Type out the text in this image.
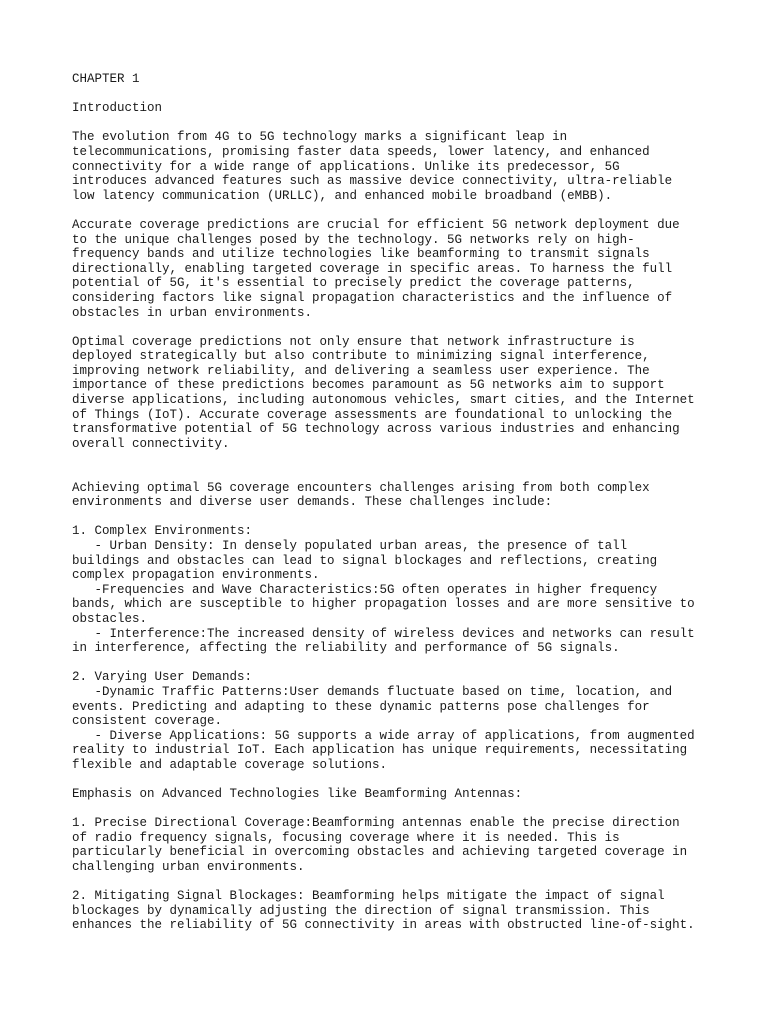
CHAPTER 1
Introduction
The evolution from 4G to 5G technology marks a significant leap in
telecommunications, promising faster data speeds, lower latency, and enhanced
connectivity for a wide range of applications. Unlike its predecessor, 5G
introduces advanced features such as massive device connectivity, ultra-reliable
low latency communication (URLLC), and enhanced mobile broadband (eMBB).
Accurate coverage predictions are crucial for efficient 5G network deployment due
to the unique challenges posed by the technology. 5G networks rely on high-
frequency bands and utilize technologies like beamforming to transmit signals
directionally, enabling targeted coverage in specific areas. To harness the full
potential of 5G, it's essential to precisely predict the coverage patterns,
considering factors like signal propagation characteristics and the influence of
obstacles in urban environments.
Optimal coverage predictions not only ensure that network infrastructure is
deployed strategically but also contribute to minimizing signal interference,
improving network reliability, and delivering a seamless user experience. The
importance of these predictions becomes paramount as 5G networks aim to support
diverse applications, including autonomous vehicles, smart cities, and the Internet
of Things (IoT). Accurate coverage assessments are foundational to unlocking the
transformative potential of 5G technology across various industries and enhancing
overall connectivity.
Achieving optimal 5G coverage encounters challenges arising from both complex
environments and diverse user demands. These challenges include:
1. Complex Environments:
- Urban Density: In densely populated urban areas, the presence of tall
buildings and obstacles can lead to signal blockages and reflections, creating
complex propagation environments.
-Frequencies and Wave Characteristics:5G often operates in higher frequency
bands, which are susceptible to higher propagation losses and are more sensitive to
obstacles.
- Interference:The increased density of wireless devices and networks can result
in interference, affecting the reliability and performance of 5G signals.
2. Varying User Demands:
-Dynamic Traffic Patterns:User demands fluctuate based on time, location, and
events. Predicting and adapting to these dynamic patterns pose challenges for
consistent coverage.
- Diverse Applications: 5G supports a wide array of applications, from augmented
reality to industrial IoT. Each application has unique requirements, necessitating
flexible and adaptable coverage solutions.
Emphasis on Advanced Technologies like Beamforming Antennas:
1. Precise Directional Coverage:Beamforming antennas enable the precise direction
of radio frequency signals, focusing coverage where it is needed. This is
particularly beneficial in overcoming obstacles and achieving targeted coverage in
challenging urban environments.
2. Mitigating Signal Blockages: Beamforming helps mitigate the impact of signal
blockages by dynamically adjusting the direction of signal transmission. This
enhances the reliability of 5G connectivity in areas with obstructed line-of-sight.
